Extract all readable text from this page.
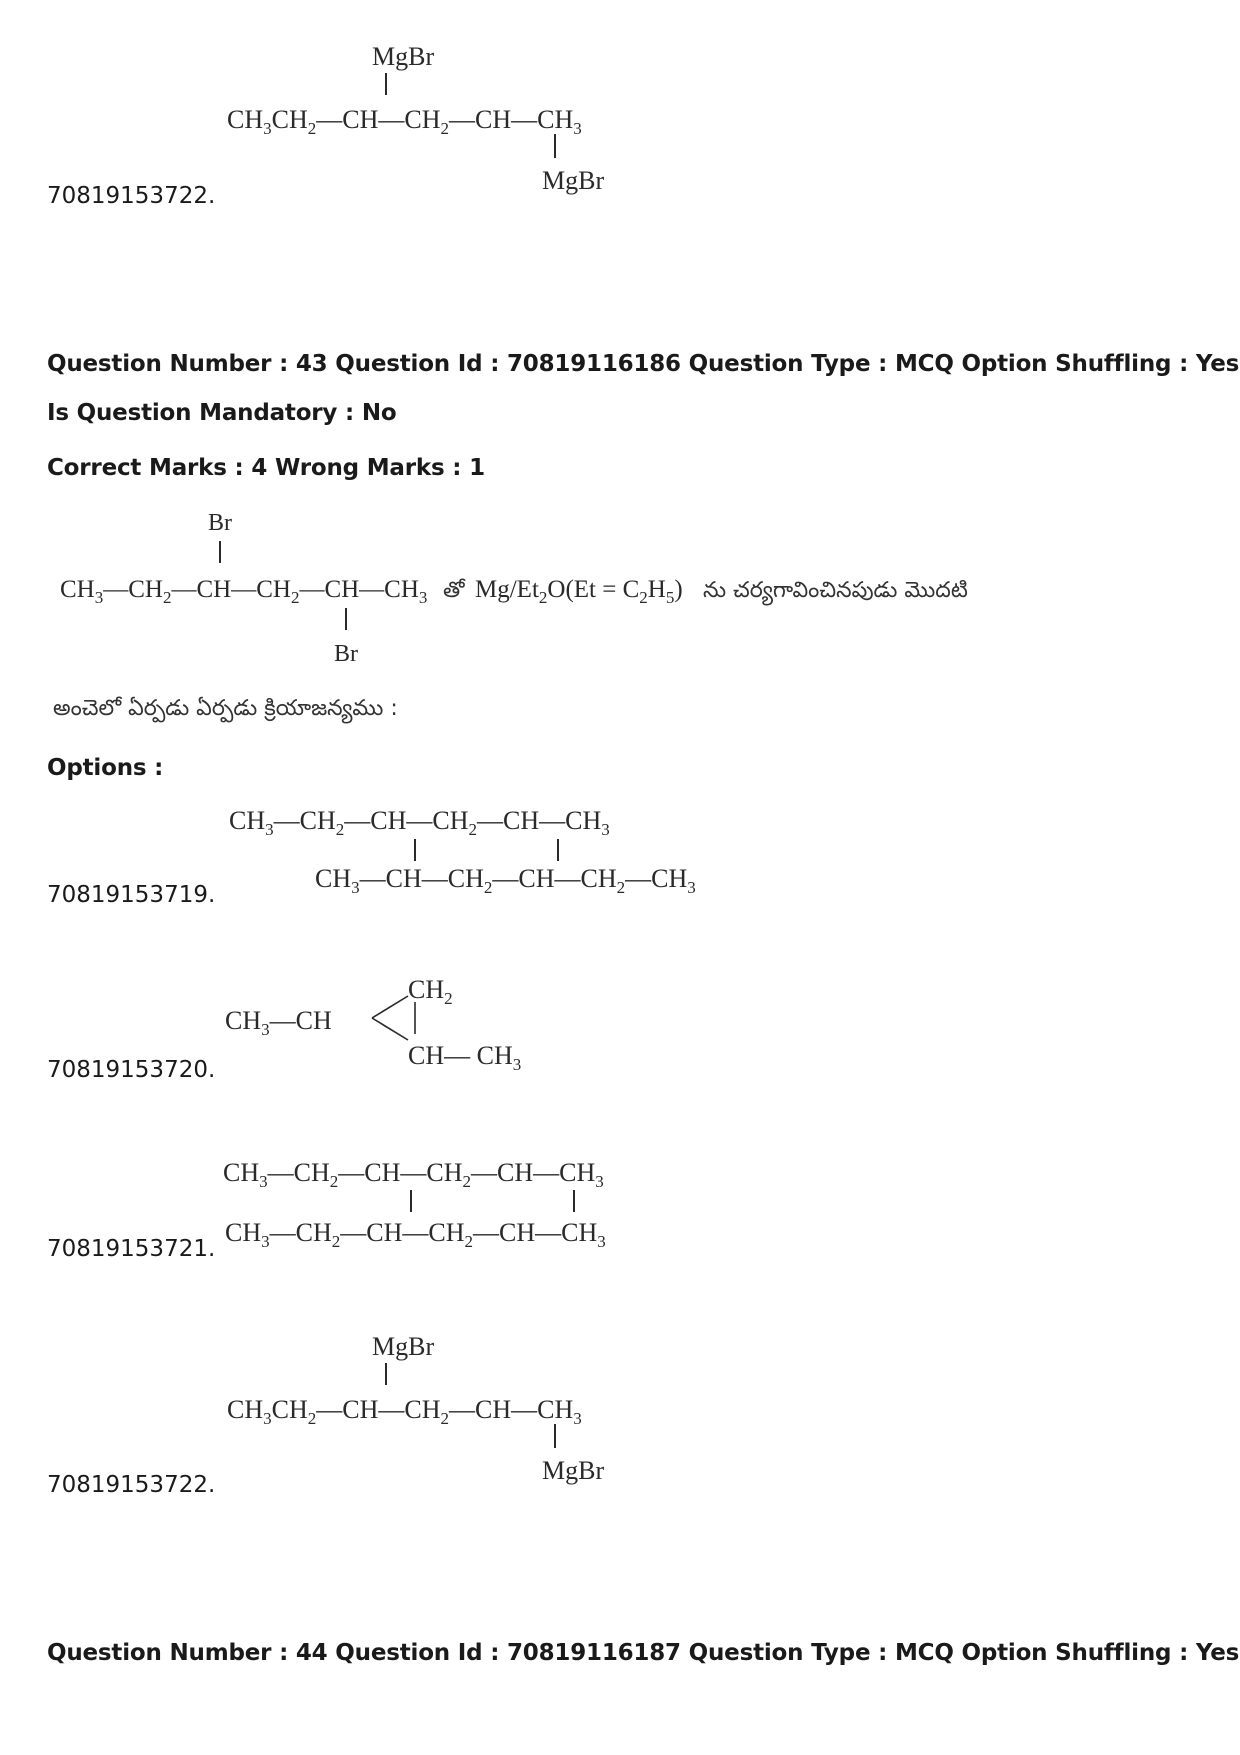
MgBr
$CH_3CH_2—CH—CH_2—CH—CH_3$
MgBr
70819153722.
Question Number : 43 Question Id : 70819116186 Question Type : MCQ Option Shuffling : Yes
Is Question Mandatory : No
Correct Marks : 4 Wrong Marks : 1
Br
$CH_3—CH_2—CH—CH_2—CH—CH_3$ తో $Mg/Et_2O(Et = C_2H_5)$ ను చర్యగావించినపుడు మొదటి
Br
అంచెలో ఏర్పడు ఏర్పడు క్రియాజన్యము :
Options :
$CH_3—CH_2—CH—CH_2—CH—CH_3$
$CH_3—CH—CH_2—CH—CH_2—CH_3$
70819153719.
$CH_2$
$CH_3—CH$
CH— $CH_3$
70819153720.
$CH_3—CH_2—CH—CH_2—CH—CH_3$
$CH_3—CH_2—CH—CH_2—CH—CH_3$
70819153721.
MgBr
$CH_3CH_2—CH—CH_2—CH—CH_3$
MgBr
70819153722.
Question Number : 44 Question Id : 70819116187 Question Type : MCQ Option Shuffling : Yes
